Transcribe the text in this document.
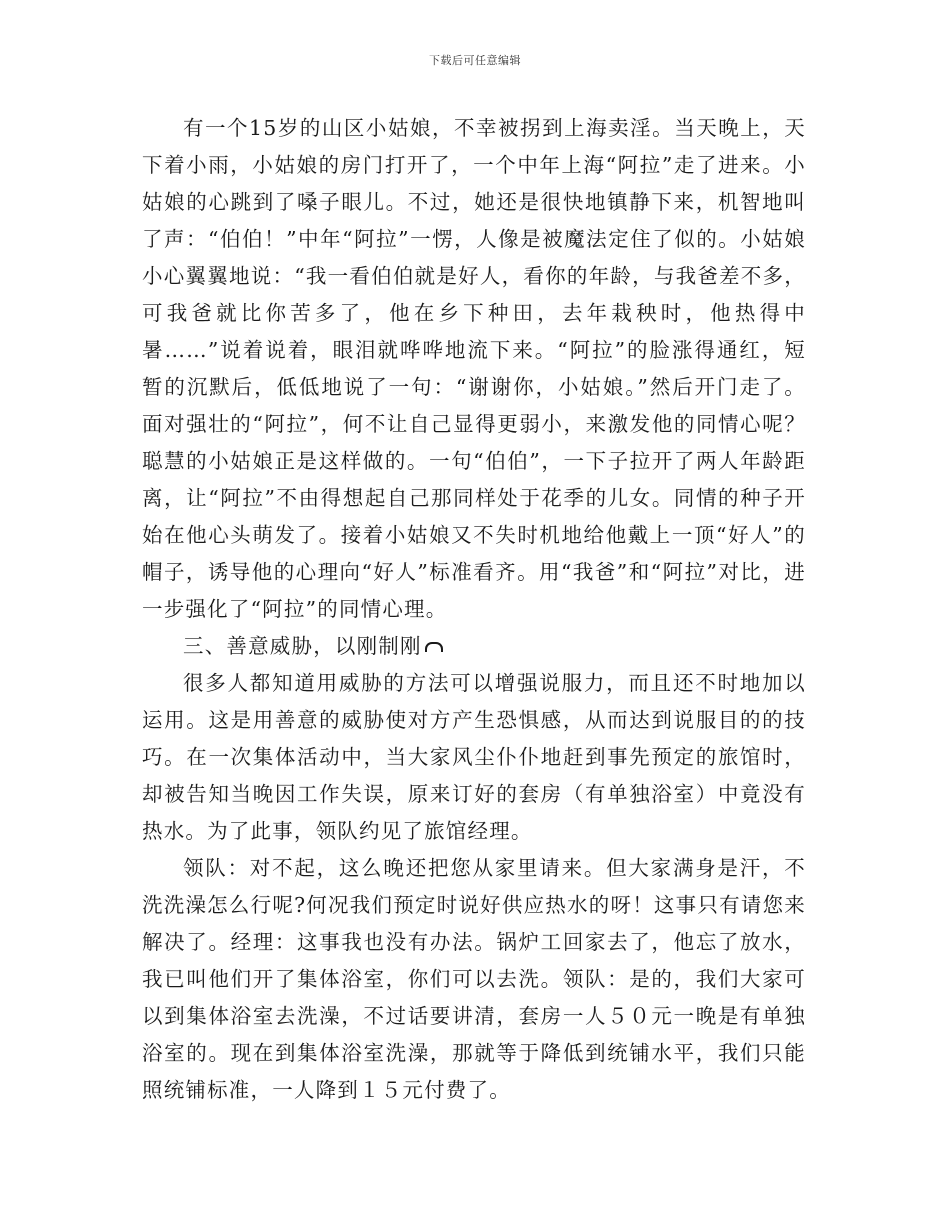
下载后可任意编辑

有一个15岁的山区小姑娘，不幸被拐到上海卖淫。当天晚上，天下着小雨，小姑娘的房门打开了，一个中年上海“阿拉”走了进来。小姑娘的心跳到了嗓子眼儿。不过，她还是很快地镇静下来，机智地叫了声：“伯伯！”中年“阿拉”一愣，人像是被魔法定住了似的。小姑娘小心翼翼地说：“我一看伯伯就是好人，看你的年龄，与我爸差不多，可我爸就比你苦多了，他在乡下种田，去年栽秧时，他热得中暑……”说着说着，眼泪就哗哗地流下来。“阿拉”的脸涨得通红，短暂的沉默后，低低地说了一句：“谢谢你，小姑娘。”然后开门走了。面对强壮的“阿拉”，何不让自己显得更弱小，来激发他的同情心呢？聪慧的小姑娘正是这样做的。一句“伯伯”，一下子拉开了两人年龄距离，让“阿拉”不由得想起自己那同样处于花季的儿女。同情的种子开始在他心头萌发了。接着小姑娘又不失时机地给他戴上一顶“好人”的帽子，诱导他的心理向“好人”标准看齐。用“我爸”和“阿拉”对比，进一步强化了“阿拉”的同情心理。

三、善意威胁，以刚制刚

很多人都知道用威胁的方法可以增强说服力，而且还不时地加以运用。这是用善意的威胁使对方产生恐惧感，从而达到说服目的的技巧。在一次集体活动中，当大家风尘仆仆地赶到事先预定的旅馆时，却被告知当晚因工作失误，原来订好的套房（有单独浴室）中竟没有热水。为了此事，领队约见了旅馆经理。

领队：对不起，这么晚还把您从家里请来。但大家满身是汗，不洗洗澡怎么行呢?何况我们预定时说好供应热水的呀！这事只有请您来解决了。经理：这事我也没有办法。锅炉工回家去了，他忘了放水，我已叫他们开了集体浴室，你们可以去洗。领队：是的，我们大家可以到集体浴室去洗澡，不过话要讲清，套房一人５０元一晚是有单独浴室的。现在到集体浴室洗澡，那就等于降低到统铺水平，我们只能照统铺标准，一人降到１５元付费了。
